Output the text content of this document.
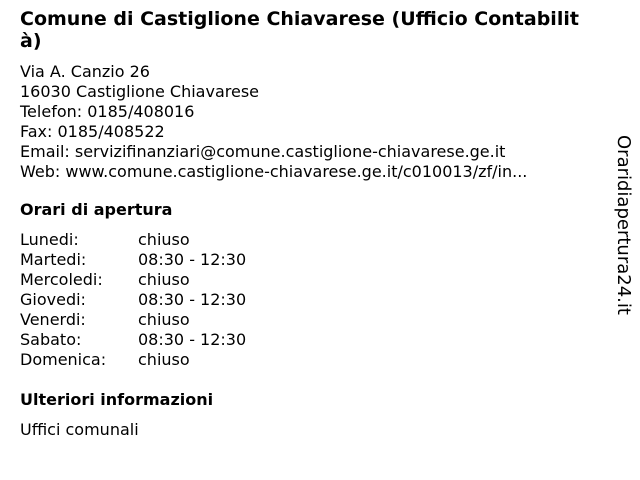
Comune di Castiglione Chiavarese (Ufficio Contabilità)
Via A. Canzio 26
16030 Castiglione Chiavarese
Telefon: 0185/408016
Fax: 0185/408522
Email: servizifinanziari@comune.castiglione-chiavarese.ge.it
Web: www.comune.castiglione-chiavarese.ge.it/c010013/zf/in...
Orari di apertura
Lunedi:	chiuso
Martedi:	08:30 - 12:30
Mercoledi:	chiuso
Giovedi:	08:30 - 12:30
Venerdi:	chiuso
Sabato:	08:30 - 12:30
Domenica:	chiuso
Ulteriori informazioni
Uffici comunali
Oraridiapertura24.it
